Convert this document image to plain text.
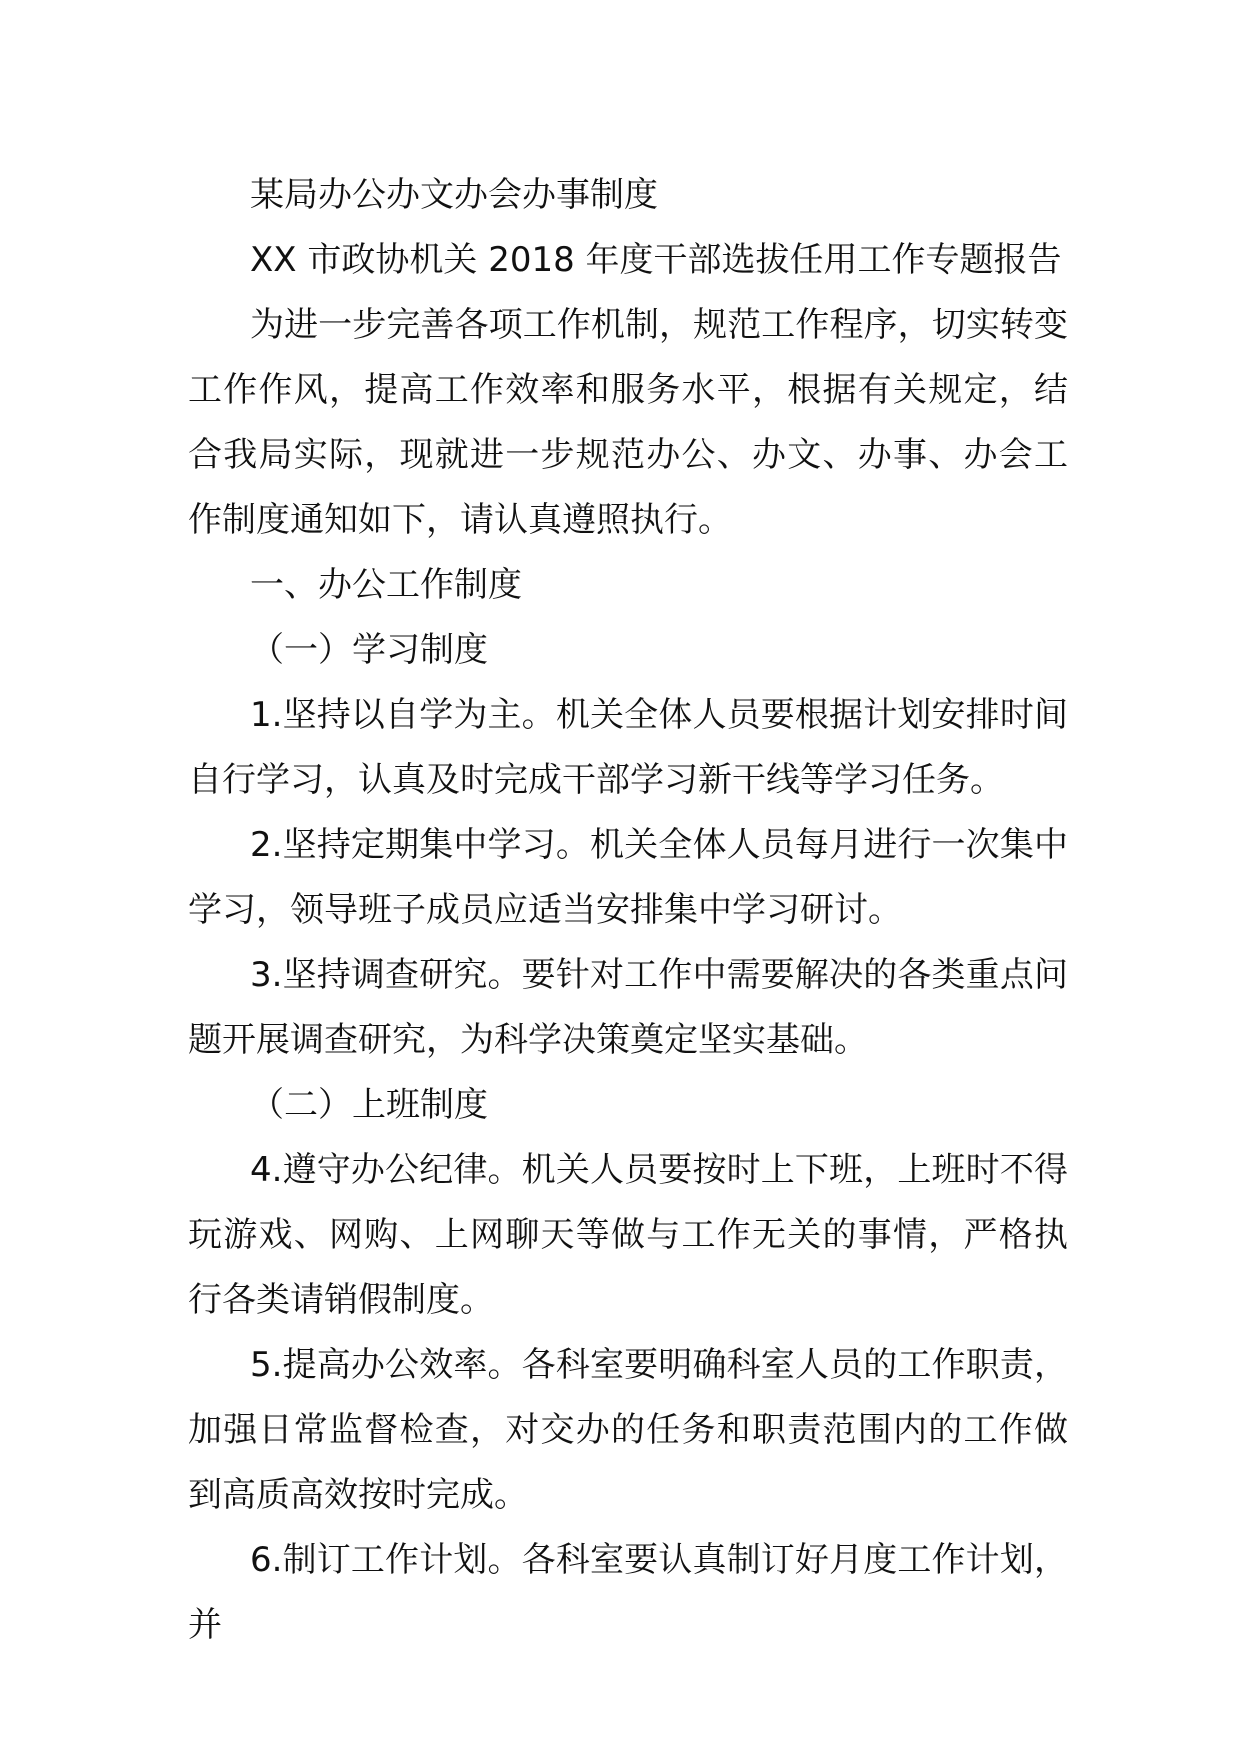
某局办公办文办会办事制度

XX 市政协机关 2018 年度干部选拔任用工作专题报告

为进一步完善各项工作机制，规范工作程序，切实转变工作作风，提高工作效率和服务水平，根据有关规定，结合我局实际，现就进一步规范办公、办文、办事、办会工作制度通知如下，请认真遵照执行。

一、办公工作制度

（一）学习制度

1.坚持以自学为主。机关全体人员要根据计划安排时间自行学习，认真及时完成干部学习新干线等学习任务。

2.坚持定期集中学习。机关全体人员每月进行一次集中学习，领导班子成员应适当安排集中学习研讨。

3.坚持调查研究。要针对工作中需要解决的各类重点问题开展调查研究，为科学决策奠定坚实基础。

（二）上班制度

4.遵守办公纪律。机关人员要按时上下班，上班时不得玩游戏、网购、上网聊天等做与工作无关的事情，严格执行各类请销假制度。

5.提高办公效率。各科室要明确科室人员的工作职责，加强日常监督检查，对交办的任务和职责范围内的工作做到高质高效按时完成。

6.制订工作计划。各科室要认真制订好月度工作计划，并
